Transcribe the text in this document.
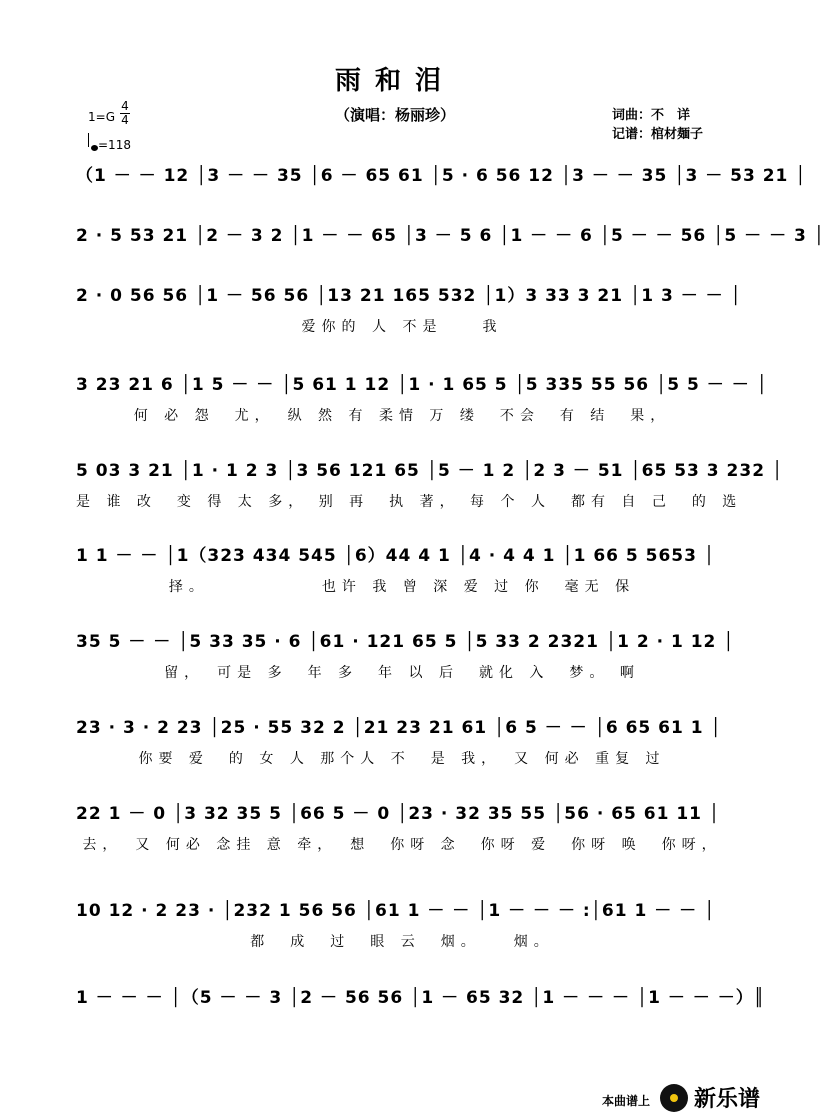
雨和泪
（演唱：杨丽珍）
1=G
4
4
=118
词曲：不　详
记谱：棺材麺子
（1 － － 12 │3 － － 35 │6 － 65 61 │5 · 6 56 12 │3 － － 35 │3 － 53 21 │
2 · 5 53 21 │2 － 3 2 │1 － － 65 │3 － 5 6 │1 － － 6 │5 － － 56 │5 － － 3 │
2 · 0 56 56 │1 － 56 56 │13 21 165 532 │1）3 33 3 21 │1 3 － － │
爱你的 人 不是　　我
3 23 21 6 │1 5 － － │5 61 1 12 │1 · 1 65 5 │5 335 55 56 │5 5 － － │
何 必 怨　尤，　纵 然 有 柔情 万 缕　不会　有 结　果，
5 03 3 21 │1 · 1 2 3 │3 56 121 65 │5 － 1 2 │2 3 － 51 │65 53 3 232 │
是 谁 改　变 得 太 多， 别 再　执 著， 每 个 人　都有 自 己　的 选
1 1 － － │1（323 434 545 │6）44 4 1 │4 · 4 4 1 │1 66 5 5653 │
择。　　　　　　也许 我 曾 深 爱 过 你　毫无 保
35 5 － － │5 33 35 · 6 │61 · 121 65 5 │5 33 2 2321 │1 2 · 1 12 │
留，　可是 多　年 多　年 以 后　就化 入　梦。 啊
23 · 3 · 2 23 │25 · 55 32 2 │21 23 21 61 │6 5 － － │6 65 61 1 │
你要 爱　的 女 人 那个人 不　是 我，　又 何必 重复 过
22 1 － 0 │3 32 35 5 │66 5 － 0 │23 · 32 35 55 │56 · 65 61 11 │
去，　又 何必 念挂 意 牵，　想　你呀 念　你呀 爱　你呀 唤　你呀，
10 12 · 2 23 · │232 1 56 56 │61 1 － － │1 － － － :│61 1 － － │
都　成　过　眼 云　烟。　　烟。
1 － － － │（5 － － 3 │2 － 56 56 │1 － 65 32 │1 － － － │1 － － －）║
本曲谱上 新乐谱
